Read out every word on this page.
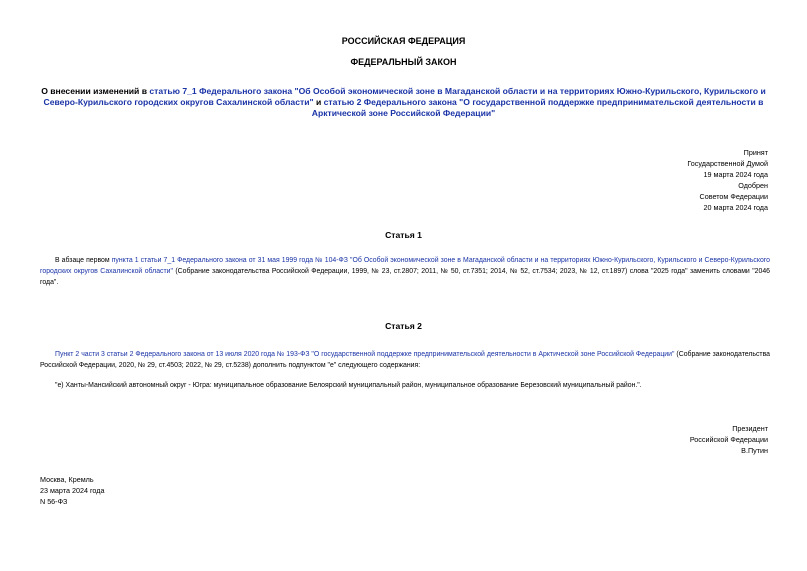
РОССИЙСКАЯ ФЕДЕРАЦИЯ
ФЕДЕРАЛЬНЫЙ ЗАКОН
О внесении изменений в статью 7_1 Федерального закона "Об Особой экономической зоне в Магаданской области и на территориях Южно-Курильского, Курильского и Северо-Курильского городских округов Сахалинской области" и статью 2 Федерального закона "О государственной поддержке предпринимательской деятельности в Арктической зоне Российской Федерации"
Принят
Государственной Думой
19 марта 2024 года
Одобрен
Советом Федерации
20 марта 2024 года
Статья 1
В абзаце первом пункта 1 статьи 7_1 Федерального закона от 31 мая 1999 года № 104-ФЗ "Об Особой экономической зоне в Магаданской области и на территориях Южно-Курильского, Курильского и Северо-Курильского городских округов Сахалинской области" (Собрание законодательства Российской Федерации, 1999, № 23, ст.2807; 2011, № 50, ст.7351; 2014, № 52, ст.7534; 2023, № 12, ст.1897) слова "2025 года" заменить словами "2046 года".
Статья 2
Пункт 2 части 3 статьи 2 Федерального закона от 13 июля 2020 года № 193-ФЗ "О государственной поддержке предпринимательской деятельности в Арктической зоне Российской Федерации" (Собрание законодательства Российской Федерации, 2020, № 29, ст.4503; 2022, № 29, ст.5238) дополнить подпунктом "е" следующего содержания:
"е) Ханты-Мансийский автономный округ - Югра: муниципальное образование Белоярский муниципальный район, муниципальное образование Березовский муниципальный район.".
Президент
Российской Федерации
В.Путин
Москва, Кремль
23 марта 2024 года
N 56-ФЗ
